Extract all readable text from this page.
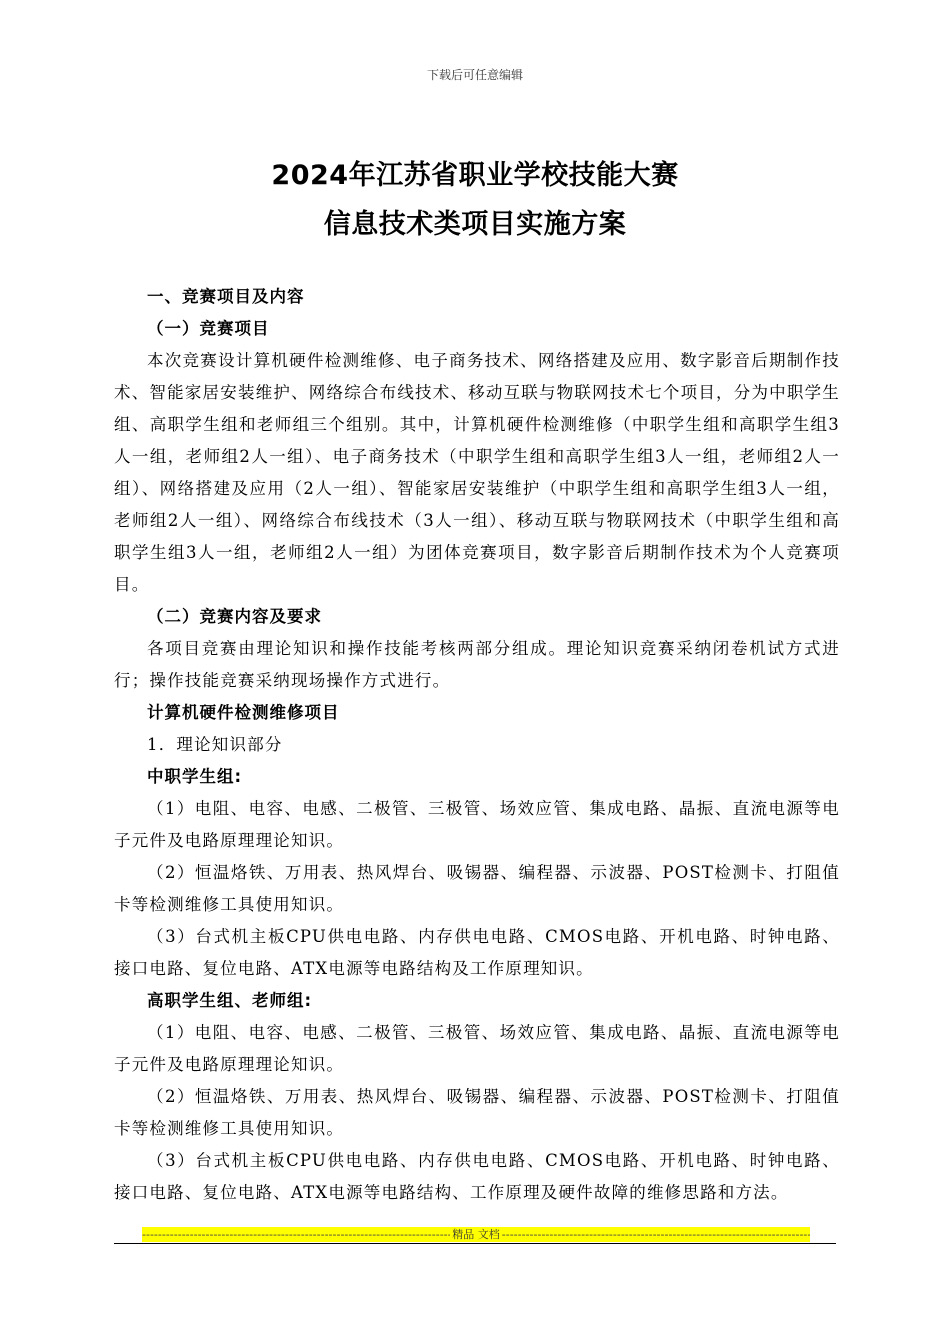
下载后可任意编辑
2024年江苏省职业学校技能大赛
信息技术类项目实施方案

一、竞赛项目及内容

（一）竞赛项目

本次竞赛设计算机硬件检测维修、电子商务技术、网络搭建及应用、数字影音后期制作技术、智能家居安装维护、网络综合布线技术、移动互联与物联网技术七个项目，分为中职学生组、高职学生组和老师组三个组别。其中，计算机硬件检测维修（中职学生组和高职学生组3人一组，老师组2人一组）、电子商务技术（中职学生组和高职学生组3人一组，老师组2人一组）、网络搭建及应用（2人一组）、智能家居安装维护（中职学生组和高职学生组3人一组，老师组2人一组）、网络综合布线技术（3人一组）、移动互联与物联网技术（中职学生组和高职学生组3人一组，老师组2人一组）为团体竞赛项目，数字影音后期制作技术为个人竞赛项目。

（二）竞赛内容及要求

各项目竞赛由理论知识和操作技能考核两部分组成。理论知识竞赛采纳闭卷机试方式进行；操作技能竞赛采纳现场操作方式进行。

计算机硬件检测维修项目

1．理论知识部分

中职学生组:

（1）电阻、电容、电感、二极管、三极管、场效应管、集成电路、晶振、直流电源等电子元件及电路原理理论知识。

（2）恒温烙铁、万用表、热风焊台、吸锡器、编程器、示波器、POST检测卡、打阻值卡等检测维修工具使用知识。

（3）台式机主板CPU供电电路、内存供电电路、CMOS电路、开机电路、时钟电路、接口电路、复位电路、ATX电源等电路结构及工作原理知识。

高职学生组、老师组:

（1）电阻、电容、电感、二极管、三极管、场效应管、集成电路、晶振、直流电源等电子元件及电路原理理论知识。

（2）恒温烙铁、万用表、热风焊台、吸锡器、编程器、示波器、POST检测卡、打阻值卡等检测维修工具使用知识。

（3）台式机主板CPU供电电路、内存供电电路、CMOS电路、开机电路、时钟电路、接口电路、复位电路、ATX电源等电路结构、工作原理及硬件故障的维修思路和方法。

-----
精品 文档
-----
